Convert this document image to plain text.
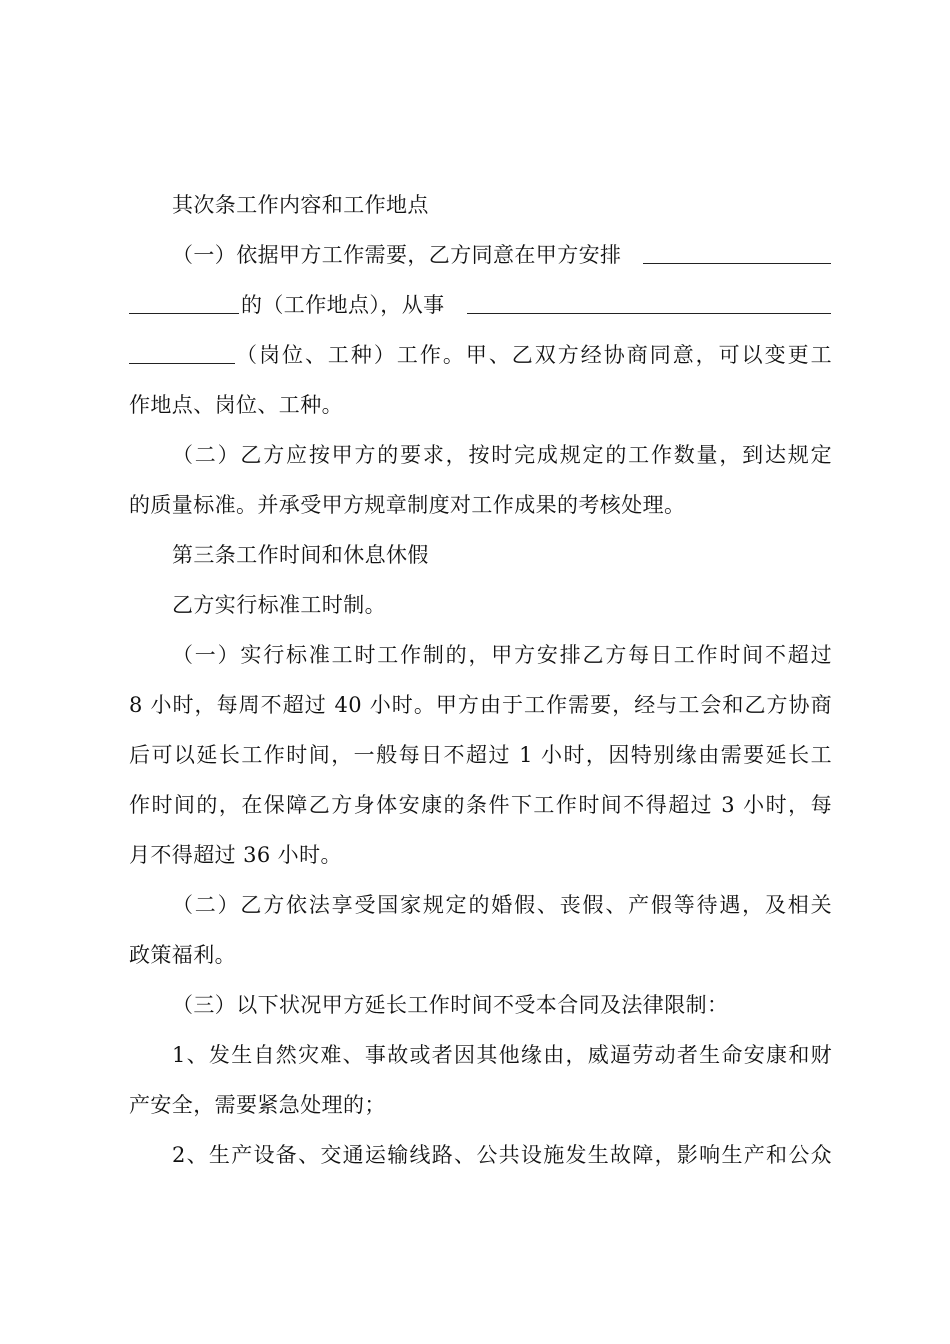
其次条工作内容和工作地点
（一）依据甲方工作需要，乙方同意在甲方安排
的（工作地点），从事
（岗位、工种）工作。甲、乙双方经协商同意，可以变更工
作地点、岗位、工种。
（二）乙方应按甲方的要求，按时完成规定的工作数量，到达规定
的质量标准。并承受甲方规章制度对工作成果的考核处理。
第三条工作时间和休息休假
乙方实行标准工时制。
（一）实行标准工时工作制的，甲方安排乙方每日工作时间不超过
8 小时，每周不超过 40 小时。甲方由于工作需要，经与工会和乙方协商
后可以延长工作时间，一般每日不超过 1 小时，因特别缘由需要延长工
作时间的，在保障乙方身体安康的条件下工作时间不得超过 3 小时，每
月不得超过 36 小时。
（二）乙方依法享受国家规定的婚假、丧假、产假等待遇，及相关
政策福利。
（三）以下状况甲方延长工作时间不受本合同及法律限制：
1、发生自然灾难、事故或者因其他缘由，威逼劳动者生命安康和财
产安全，需要紧急处理的；
2、生产设备、交通运输线路、公共设施发生故障，影响生产和公众
